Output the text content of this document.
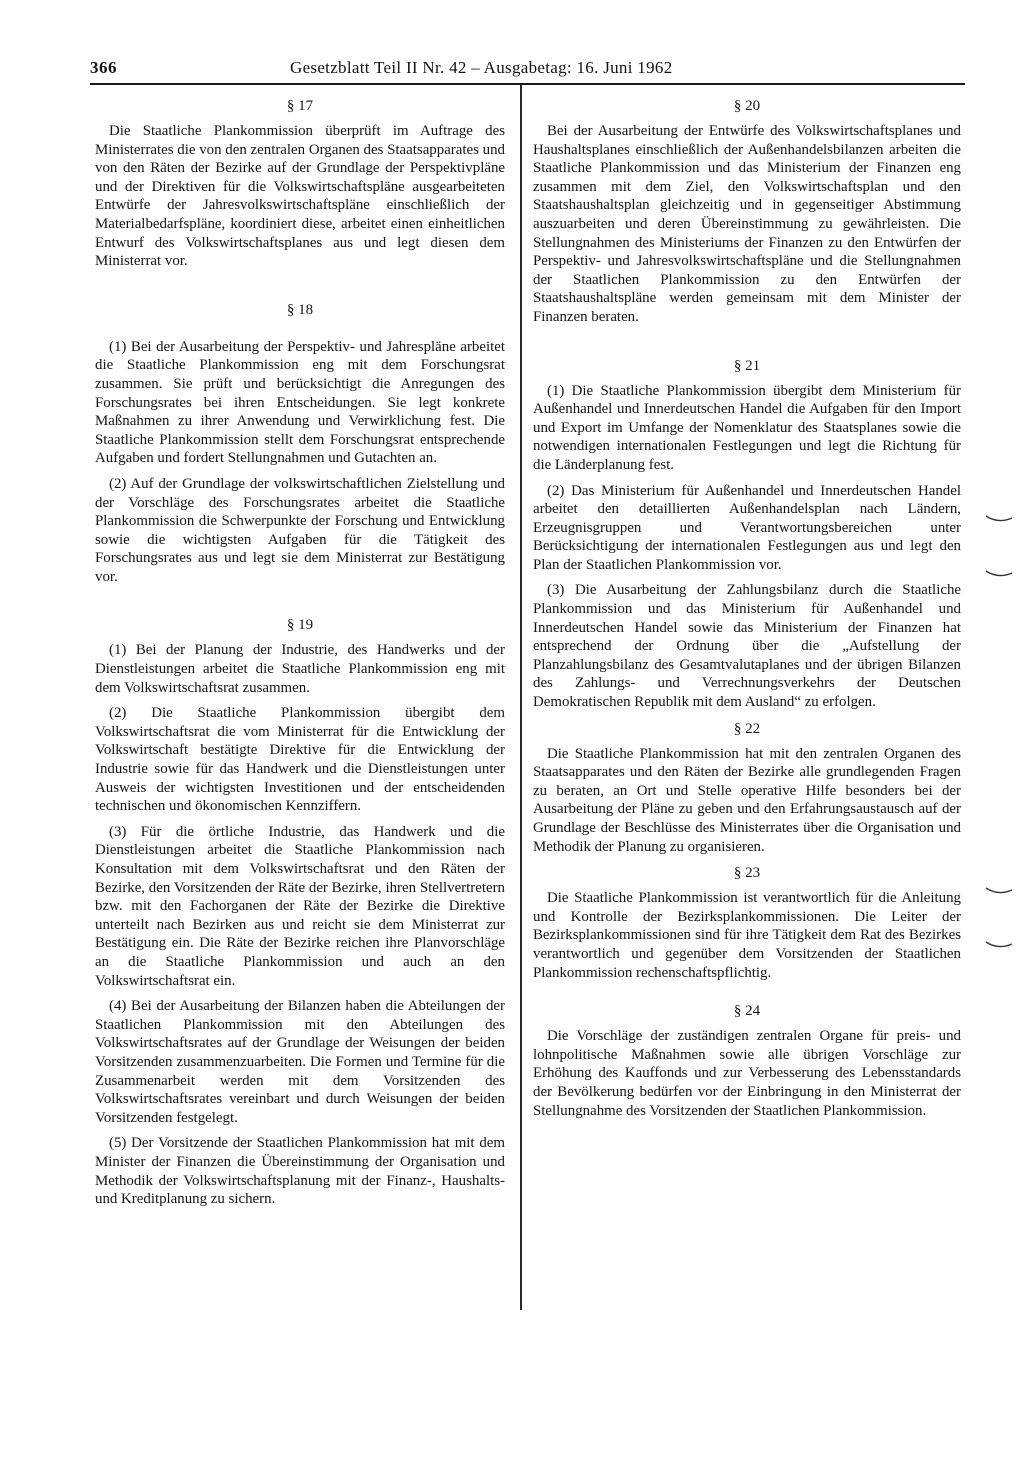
366	Gesetzblatt Teil II Nr. 42 – Ausgabetag: 16. Juni 1962
§ 17

Die Staatliche Plankommission überprüft im Auftrage des Ministerrates die von den zentralen Organen des Staatsapparates und von den Räten der Bezirke auf der Grundlage der Perspektivpläne und der Direktiven für die Volkswirtschaftspläne ausgearbeiteten Entwürfe der Jahresvolkswirtschaftspläne einschließlich der Materialbedarfspläne, koordiniert diese, arbeitet einen einheitlichen Entwurf des Volkswirtschaftsplanes aus und legt diesen dem Ministerrat vor.

§ 18

(1) Bei der Ausarbeitung der Perspektiv- und Jahrespläne arbeitet die Staatliche Plankommission eng mit dem Forschungsrat zusammen. Sie prüft und berücksichtigt die Anregungen des Forschungsrates bei ihren Entscheidungen. Sie legt konkrete Maßnahmen zu ihrer Anwendung und Verwirklichung fest. Die Staatliche Plankommission stellt dem Forschungsrat entsprechende Aufgaben und fordert Stellungnahmen und Gutachten an.

(2) Auf der Grundlage der volkswirtschaftlichen Zielstellung und der Vorschläge des Forschungsrates arbeitet die Staatliche Plankommission die Schwerpunkte der Forschung und Entwicklung sowie die wichtigsten Aufgaben für die Tätigkeit des Forschungsrates aus und legt sie dem Ministerrat zur Bestätigung vor.

§ 19

(1) Bei der Planung der Industrie, des Handwerks und der Dienstleistungen arbeitet die Staatliche Plankommission eng mit dem Volkswirtschaftsrat zusammen.

(2) Die Staatliche Plankommission übergibt dem Volkswirtschaftsrat die vom Ministerrat für die Entwicklung der Volkswirtschaft bestätigte Direktive für die Entwicklung der Industrie sowie für das Handwerk und die Dienstleistungen unter Ausweis der wichtigsten Investitionen und der entscheidenden technischen und ökonomischen Kennziffern.

(3) Für die örtliche Industrie, das Handwerk und die Dienstleistungen arbeitet die Staatliche Plankommission nach Konsultation mit dem Volkswirtschaftsrat und den Räten der Bezirke, den Vorsitzenden der Räte der Bezirke, ihren Stellvertretern bzw. mit den Fachorganen der Räte der Bezirke die Direktive unterteilt nach Bezirken aus und reicht sie dem Ministerrat zur Bestätigung ein. Die Räte der Bezirke reichen ihre Planvorschläge an die Staatliche Plankommission und auch an den Volkswirtschaftsrat ein.

(4) Bei der Ausarbeitung der Bilanzen haben die Abteilungen der Staatlichen Plankommission mit den Abteilungen des Volkswirtschaftsrates auf der Grundlage der Weisungen der beiden Vorsitzenden zusammenzuarbeiten. Die Formen und Termine für die Zusammenarbeit werden mit dem Vorsitzenden des Volkswirtschaftsrates vereinbart und durch Weisungen der beiden Vorsitzenden festgelegt.

(5) Der Vorsitzende der Staatlichen Plankommission hat mit dem Minister der Finanzen die Übereinstimmung der Organisation und Methodik der Volkswirtschaftsplanung mit der Finanz-, Haushalts- und Kreditplanung zu sichern.

§ 20

Bei der Ausarbeitung der Entwürfe des Volkswirtschaftsplanes und Haushaltsplanes einschließlich der Außenhandelsbilanzen arbeiten die Staatliche Plankommission und das Ministerium der Finanzen eng zusammen mit dem Ziel, den Volkswirtschaftsplan und den Staatshaushaltsplan gleichzeitig und in gegenseitiger Abstimmung auszuarbeiten und deren Übereinstimmung zu gewährleisten. Die Stellungnahmen des Ministeriums der Finanzen zu den Entwürfen der Perspektiv- und Jahresvolkswirtschaftspläne und die Stellungnahmen der Staatlichen Plankommission zu den Entwürfen der Staatshaushaltspläne werden gemeinsam mit dem Minister der Finanzen beraten.

§ 21

(1) Die Staatliche Plankommission übergibt dem Ministerium für Außenhandel und Innerdeutschen Handel die Aufgaben für den Import und Export im Umfange der Nomenklatur des Staatsplanes sowie die notwendigen internationalen Festlegungen und legt die Richtung für die Länderplanung fest.

(2) Das Ministerium für Außenhandel und Innerdeutschen Handel arbeitet den detaillierten Außenhandelsplan nach Ländern, Erzeugnisgruppen und Verantwortungsbereichen unter Berücksichtigung der internationalen Festlegungen aus und legt den Plan der Staatlichen Plankommission vor.

(3) Die Ausarbeitung der Zahlungsbilanz durch die Staatliche Plankommission und das Ministerium für Außenhandel und Innerdeutschen Handel sowie das Ministerium der Finanzen hat entsprechend der Ordnung über die „Aufstellung der Planzahlungsbilanz des Gesamtvalutaplanes und der übrigen Bilanzen des Zahlungs- und Verrechnungsverkehrs der Deutschen Demokratischen Republik mit dem Ausland“ zu erfolgen.

§ 22

Die Staatliche Plankommission hat mit den zentralen Organen des Staatsapparates und den Räten der Bezirke alle grundlegenden Fragen zu beraten, an Ort und Stelle operative Hilfe besonders bei der Ausarbeitung der Pläne zu geben und den Erfahrungsaustausch auf der Grundlage der Beschlüsse des Ministerrates über die Organisation und Methodik der Planung zu organisieren.

§ 23

Die Staatliche Plankommission ist verantwortlich für die Anleitung und Kontrolle der Bezirksplankommissionen. Die Leiter der Bezirksplankommissionen sind für ihre Tätigkeit dem Rat des Bezirkes verantwortlich und gegenüber dem Vorsitzenden der Staatlichen Plankommission rechenschaftspflichtig.

§ 24

Die Vorschläge der zuständigen zentralen Organe für preis- und lohnpolitische Maßnahmen sowie alle übrigen Vorschläge zur Erhöhung des Kauffonds und zur Verbesserung des Lebensstandards der Bevölkerung bedürfen vor der Einbringung in den Ministerrat der Stellungnahme des Vorsitzenden der Staatlichen Plankommission.
